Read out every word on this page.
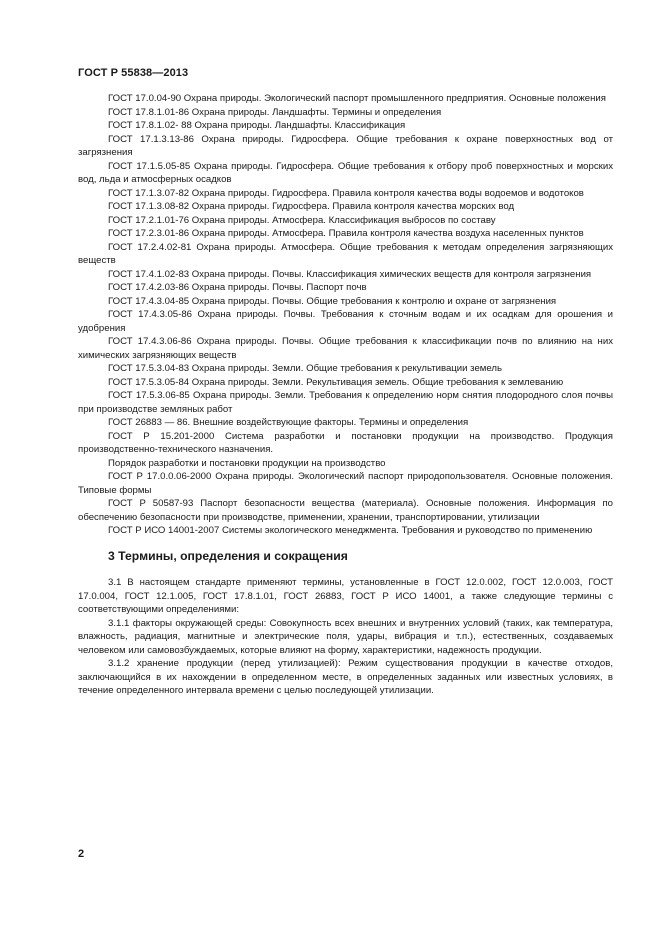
ГОСТ Р 55838—2013

ГОСТ 17.0.04-90 Охрана природы. Экологический паспорт промышленного предприятия. Основные положения

ГОСТ 17.8.1.01-86 Охрана природы. Ландшафты. Термины и определения

ГОСТ 17.8.1.02- 88 Охрана природы. Ландшафты. Классификация

ГОСТ 17.1.3.13-86 Охрана природы. Гидросфера. Общие требования к охране поверхностных вод от загрязнения

ГОСТ 17.1.5.05-85 Охрана природы. Гидросфера. Общие требования к отбору проб поверхностных и морских вод, льда и атмосферных осадков

ГОСТ 17.1.3.07-82 Охрана природы. Гидросфера. Правила контроля качества воды водоемов и водотоков

ГОСТ 17.1.3.08-82 Охрана природы. Гидросфера. Правила контроля качества морских вод

ГОСТ 17.2.1.01-76 Охрана природы. Атмосфера. Классификация выбросов по составу

ГОСТ 17.2.3.01-86 Охрана природы. Атмосфера. Правила контроля качества воздуха населенных пунктов

ГОСТ 17.2.4.02-81 Охрана природы. Атмосфера. Общие требования к методам определения загрязняющих веществ

ГОСТ 17.4.1.02-83 Охрана природы. Почвы. Классификация химических веществ для контроля загрязнения

ГОСТ 17.4.2.03-86 Охрана природы. Почвы. Паспорт почв

ГОСТ 17.4.3.04-85 Охрана природы. Почвы. Общие требования к контролю и охране от загрязнения

ГОСТ 17.4.3.05-86 Охрана природы. Почвы. Требования к сточным водам и их осадкам для орошения и удобрения

ГОСТ 17.4.3.06-86 Охрана природы. Почвы. Общие требования к классификации почв по влиянию на них химических загрязняющих веществ

ГОСТ 17.5.3.04-83 Охрана природы. Земли. Общие требования к рекультивации земель

ГОСТ 17.5.3.05-84 Охрана природы. Земли. Рекультивация земель. Общие требования к землеванию

ГОСТ 17.5.3.06-85 Охрана природы. Земли. Требования к определению норм снятия плодородного слоя почвы при производстве земляных работ

ГОСТ 26883 — 86. Внешние воздействующие факторы. Термины и определения

ГОСТ Р 15.201-2000 Система разработки и постановки продукции на производство. Продукция производственно-технического назначения.

Порядок разработки и постановки продукции на производство

ГОСТ Р 17.0.0.06-2000 Охрана природы. Экологический паспорт природопользователя. Основные положения. Типовые формы

ГОСТ Р 50587-93 Паспорт безопасности вещества (материала). Основные положения. Информация по обеспечению безопасности при производстве, применении, хранении, транспортировании, утилизации

ГОСТ Р ИСО 14001-2007 Системы экологического менеджмента. Требования и руководство по применению

3 Термины, определения и сокращения

3.1 В настоящем стандарте применяют термины, установленные в ГОСТ 12.0.002, ГОСТ 12.0.003, ГОСТ 17.0.004, ГОСТ 12.1.005, ГОСТ 17.8.1.01, ГОСТ 26883, ГОСТ Р ИСО 14001, а также следующие термины с соответствующими определениями:

3.1.1 факторы окружающей среды: Совокупность всех внешних и внутренних условий (таких, как температура, влажность, радиация, магнитные и электрические поля, удары, вибрация и т.п.), естественных, создаваемых человеком или самовозбуждаемых, которые влияют на форму, характеристики, надежность продукции.

3.1.2 хранение продукции (перед утилизацией): Режим существования продукции в качестве отходов, заключающийся в их нахождении в определенном месте, в определенных заданных или известных условиях, в течение определенного интервала времени с целью последующей утилизации.

2
